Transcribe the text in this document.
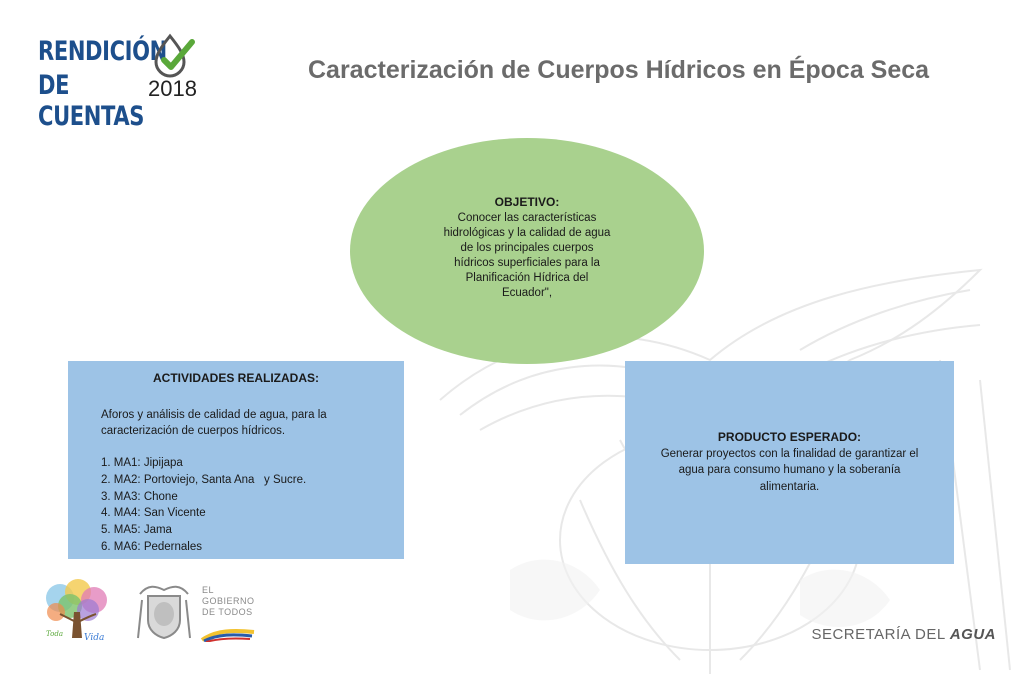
RENDICIÓN
DE CUENTAS
2018
Caracterización de Cuerpos Hídricos en Época Seca
OBJETIVO:
Conocer las características hidrológicas y la calidad de agua de los principales cuerpos hídricos superficiales para la Planificación Hídrica del Ecuador",
ACTIVIDADES REALIZADAS:
Aforos y análisis de calidad de agua, para la caracterización de cuerpos hídricos.
1. MA1: Jipijapa
2. MA2: Portoviejo, Santa Ana   y Sucre.
3. MA3: Chone
4. MA4: San Vicente
5. MA5: Jama
6. MA6: Pedernales
PRODUCTO ESPERADO:
Generar proyectos con la finalidad de garantizar el agua para consumo humano y la soberanía alimentaria.
Toda Vida
EL
GOBIERNO
DE TODOS
SECRETARÍA DEL AGUA
